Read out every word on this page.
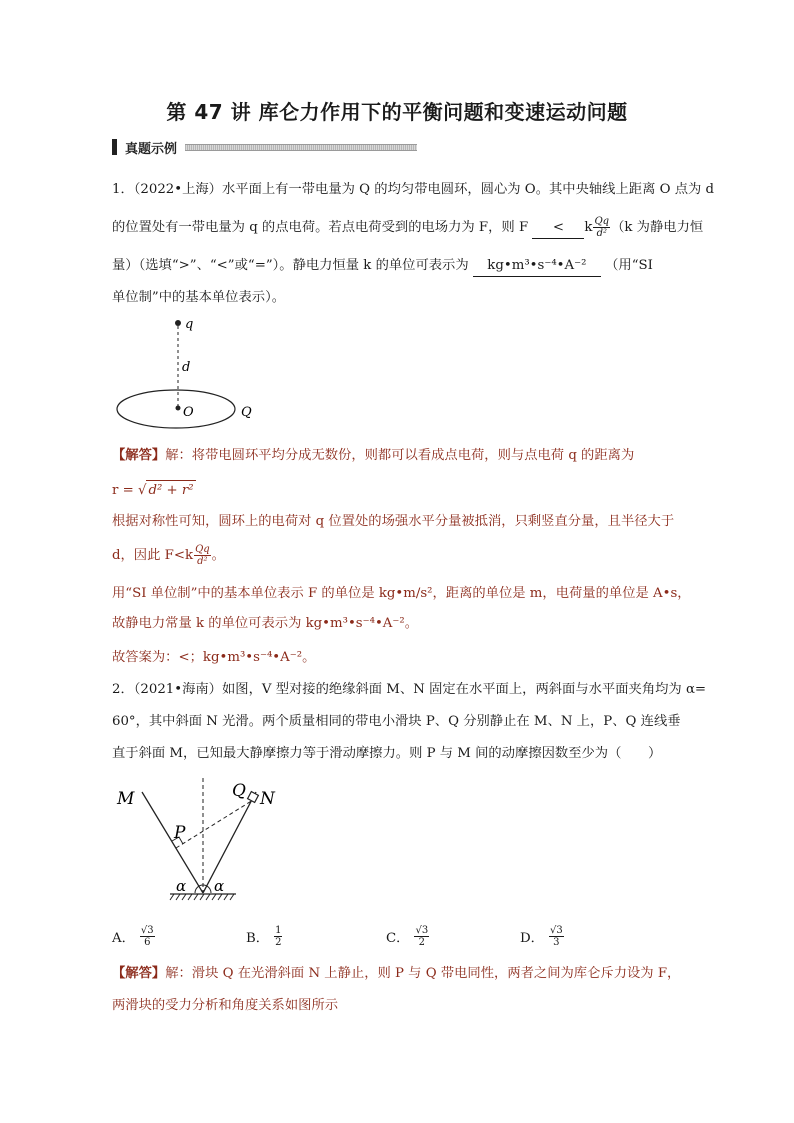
第 47 讲 库仑力作用下的平衡问题和变速运动问题
真题示例
1．（2022•上海）水平面上有一带电量为 Q 的均匀带电圆环，圆心为 O。其中央轴线上距离 O 点为 d
的位置处有一带电量为 q 的点电荷。若点电荷受到的电场力为 F，则 F < k $\frac{Qq}{\text{d²}} (k$ 为静电力恒
量）（选填“>”、“<”或“=”）。静电力恒量 k 的单位可表示为 kg•m³•s⁻⁴•A⁻² （用“SI
单位制”中的基本单位表示）。
q
d
O	Q
【解答】解：将带电圆环平均分成无数份，则都可以看成点电荷，则与点电荷 q 的距离为
r = √ d² + r²
根据对称性可知，圆环上的电荷对 q 位置处的场强水平分量被抵消，只剩竖直分量，且半径大于
d，因此 $F<k \frac{Qq}{\text{d²}}$ 。
用“SI 单位制”中的基本单位表示 F 的单位是 kg•m/s²，距离的单位是 m，电荷量的单位是 A•s，
故静电力常量 k 的单位可表示为 kg•m³•s⁻⁴•A⁻²。
故答案为：<；kg•m³•s⁻⁴•A⁻²。
2．（2021•海南）如图，V 型对接的绝缘斜面 M、N 固定在水平面上，两斜面与水平面夹角均为 α=
60°，其中斜面 N 光滑。两个质量相同的带电小滑块 P、Q 分别静止在 M、N 上，P、Q 连线垂
直于斜面 M，已知最大静摩擦力等于滑动摩擦力。则 P 与 M 间的动摩擦因数至少为（　　）
M	N
P
Q
α α
A． $\frac{√3}{6}$	B． $\frac{1}{2}$	C． $\frac{√3}{2}$	D． $\frac{√3}{3}$
【解答】解：滑块 Q 在光滑斜面 N 上静止，则 P 与 Q 带电同性，两者之间为库仑斥力设为 F，
两滑块的受力分析和角度关系如图所示
